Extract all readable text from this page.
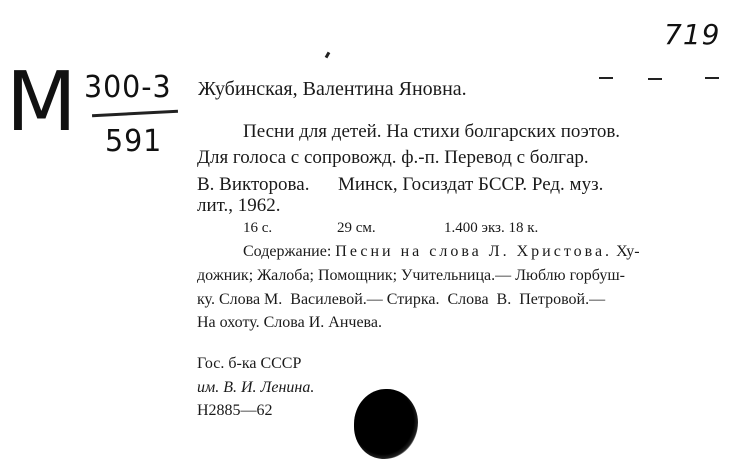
719
M 300-3
591
Жубинская, Валентина Яновна.
Песни для детей. На стихи болгарских поэтов.
Для голоса с сопровожд. ф.-п. Перевод с болгар.
В. Викторова.      Минск, Госиздат БССР. Ред. муз.
лит., 1962.
16 с.	29 см.	1.400 экз. 18 к.
Содержание: Песни на слова Л. Христова. Ху-
дожник; Жалоба; Помощник; Учительница.— Люблю горбуш-
ку. Слова М.  Василевой.— Стирка.  Слова  В.  Петровой.—
На охоту. Слова И. Анчева.
Гос. б-ка СССР
им. В. И. Ленина.
Н2885—62
